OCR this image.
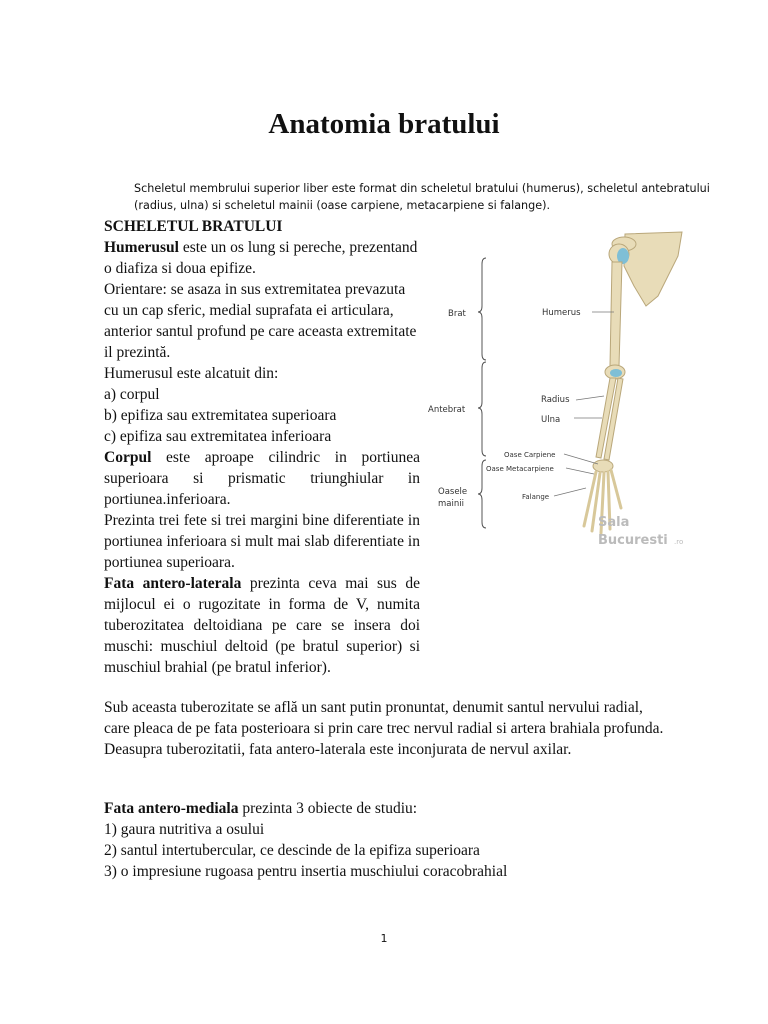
Anatomia bratului

Scheletul membrului superior liber este format din scheletul bratului (humerus), scheletul antebratului (radius, ulna) si scheletul mainii (oase carpiene, metacarpiene si falange).

SCHELETUL BRATULUI

Humerusul este un os lung si pereche, prezentand o diafiza si doua epifize.

Orientare: se asaza in sus extremitatea prevazuta cu un cap sferic, medial suprafata ei articulara, anterior santul profund pe care aceasta extremitate il prezintă.

Humerusul este alcatuit din:

a) corpul

b) epifiza sau extremitatea superioara

c) epifiza sau extremitatea inferioara

Corpul este aproape cilindric in portiunea superioara si prismatic triunghiular in portiunea.inferioara.

Prezinta trei fete si trei margini bine diferentiate in portiunea inferioara si mult mai slab diferentiate in portiunea superioara.

Fata antero-laterala prezinta ceva mai sus de mijlocul ei o rugozitate in forma de V, numita tuberozitatea deltoidiana pe care se insera doi muschi: muschiul deltoid (pe bratul superior) si muschiul brahial (pe bratul inferior).

Sub aceasta tuberozitate se află un sant putin pronuntat, denumit santul nervului radial, care pleaca de pe fata posterioara si prin care trec nervul radial si artera brahiala profunda. Deasupra tuberozitatii, fata antero-laterala este inconjurata de nervul axilar.

Fata antero-mediala prezinta 3 obiecte de studiu:

1) gaura nutritiva a osului

2) santul intertubercular, ce descinde de la epifiza superioara

3) o impresiune rugoasa pentru insertia muschiului coracobrahial

Brat
Antebrat
Oasele
mainii
Humerus
Radius
Ulna
Oase Carpiene
Oase Metacarpiene
Falange
Sala
Bucuresti .ro
1
